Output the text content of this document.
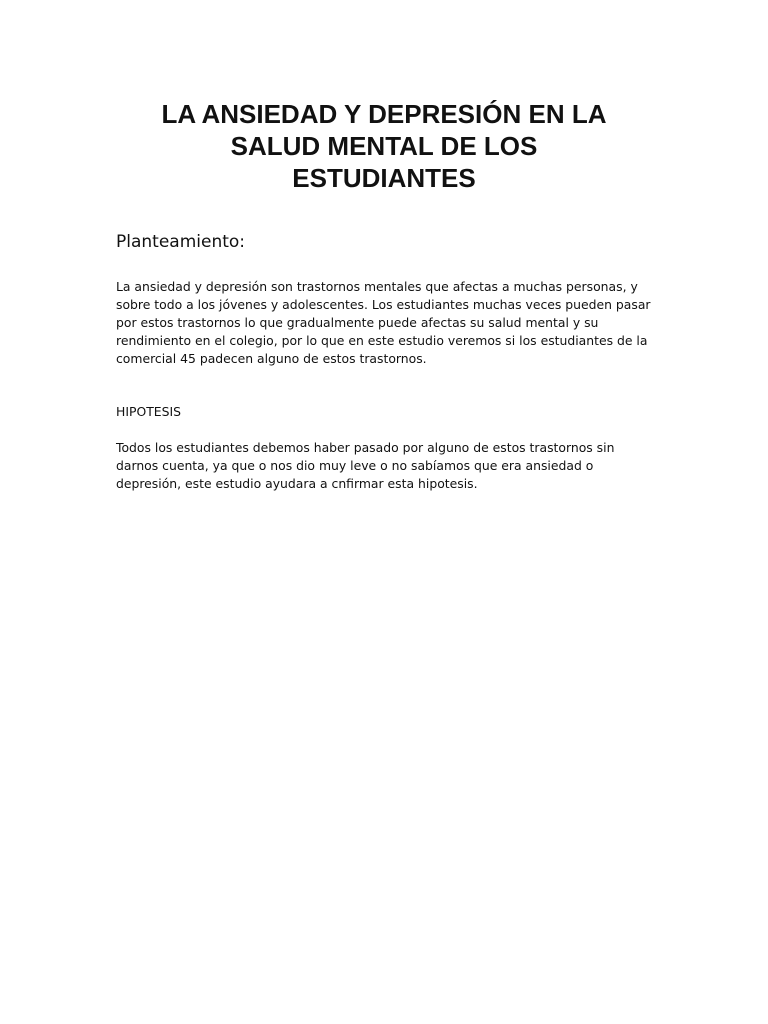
LA ANSIEDAD Y DEPRESIÓN EN LA
SALUD MENTAL DE LOS
ESTUDIANTES
Planteamiento:

La ansiedad y depresión son trastornos mentales que afectas a muchas personas, y
sobre todo a los jóvenes y adolescentes. Los estudiantes muchas veces pueden pasar
por estos trastornos lo que gradualmente puede afectas su salud mental y su
rendimiento en el colegio, por lo que en este estudio veremos si los estudiantes de la
comercial 45 padecen alguno de estos trastornos.

HIPOTESIS

Todos los estudiantes debemos haber pasado por alguno de estos trastornos sin
darnos cuenta, ya que o nos dio muy leve o no sabíamos que era ansiedad o
depresión, este estudio ayudara a cnfirmar esta hipotesis.
